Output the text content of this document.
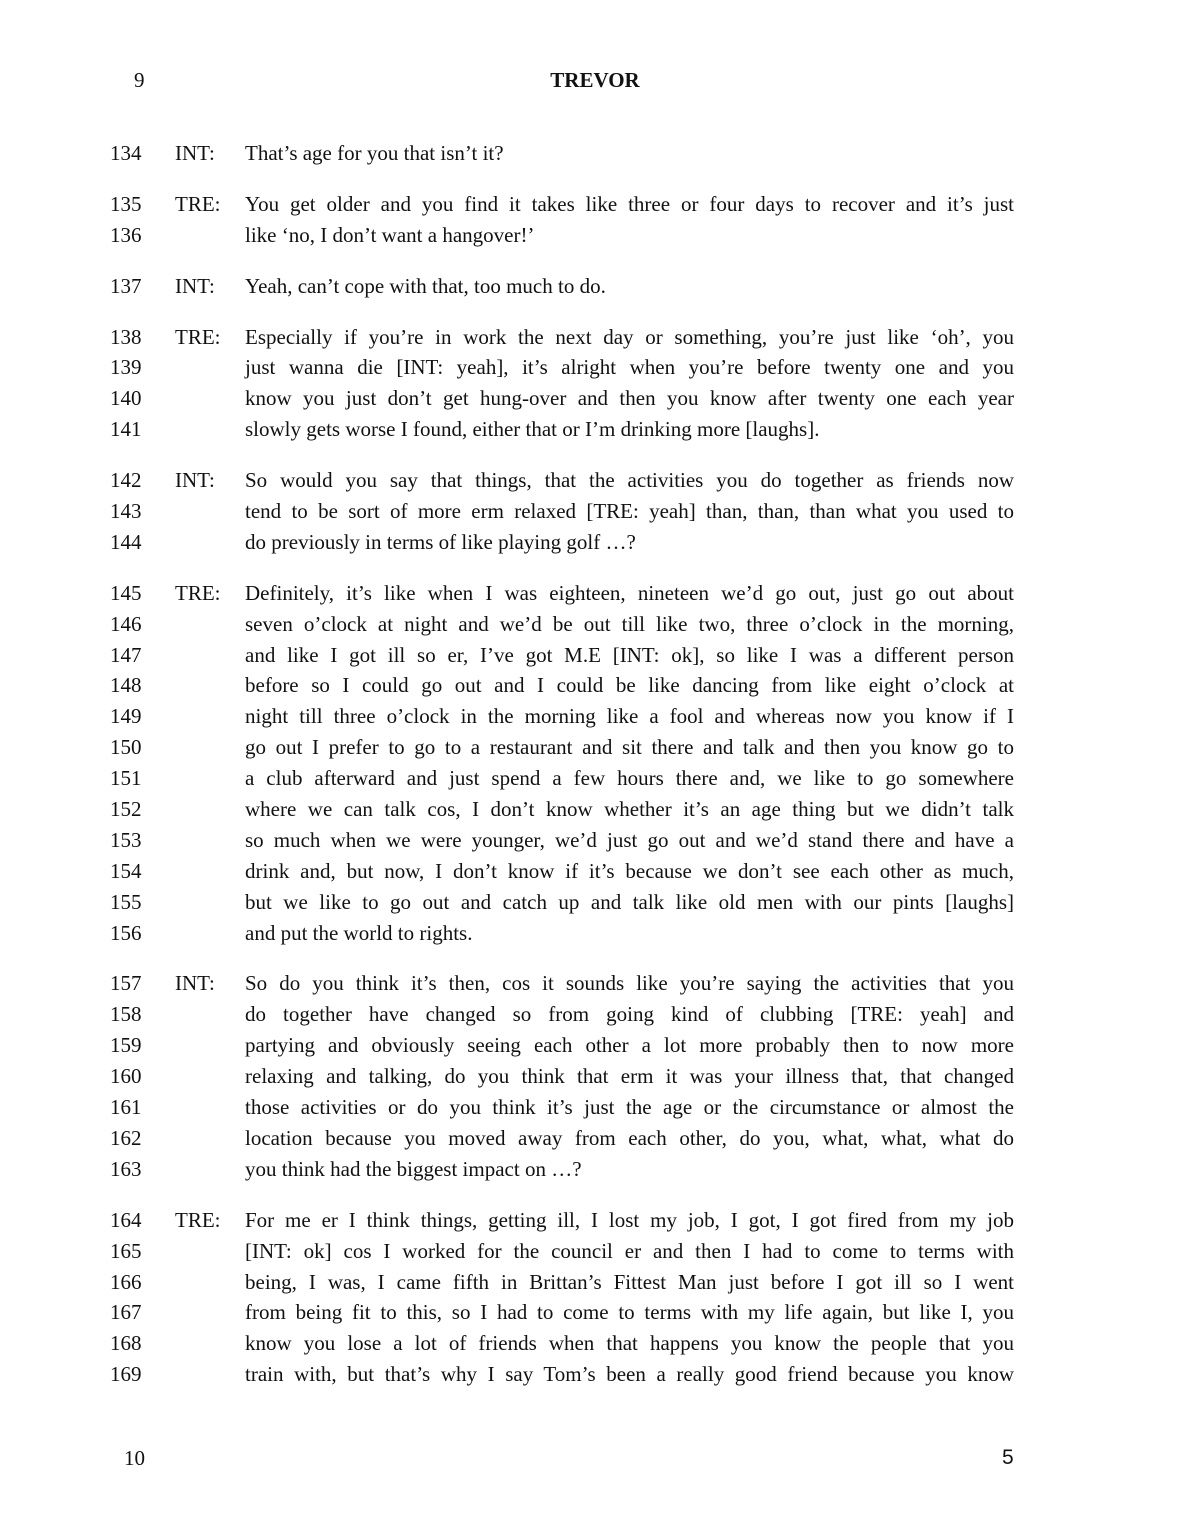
9	TREVOR
134	INT:	That’s age for you that isn’t it?
135	TRE:	You get older and you find it takes like three or four days to recover and it’s just
136	like ‘no, I don’t want a hangover!’
137	INT:	Yeah, can’t cope with that, too much to do.
138	TRE:	Especially if you’re in work the next day or something, you’re just like ‘oh’, you
139	just wanna die [INT: yeah], it’s alright when you’re before twenty one and you
140	know you just don’t get hung-over and then you know after twenty one each year
141	slowly gets worse I found, either that or I’m drinking more [laughs].
142	INT:	So would you say that things, that the activities you do together as friends now
143	tend to be sort of more erm relaxed [TRE: yeah] than, than, than what you used to
144	do previously in terms of like playing golf …?
145	TRE:	Definitely, it’s like when I was eighteen, nineteen we’d go out, just go out about
146	seven o’clock at night and we’d be out till like two, three o’clock in the morning,
147	and like I got ill so er, I’ve got M.E [INT: ok], so like I was a different person
148	before so I could go out and I could be like dancing from like eight o’clock at
149	night till three o’clock in the morning like a fool and whereas now you know if I
150	go out I prefer to go to a restaurant and sit there and talk and then you know go to
151	a club afterward and just spend a few hours there and, we like to go somewhere
152	where we can talk cos, I don’t know whether it’s an age thing but we didn’t talk
153	so much when we were younger, we’d just go out and we’d stand there and have a
154	drink and, but now, I don’t know if it’s because we don’t see each other as much,
155	but we like to go out and catch up and talk like old men with our pints [laughs]
156	and put the world to rights.
157	INT:	So do you think it’s then, cos it sounds like you’re saying the activities that you
158	do together have changed so from going kind of clubbing [TRE: yeah] and
159	partying and obviously seeing each other a lot more probably then to now more
160	relaxing and talking, do you think that erm it was your illness that, that changed
161	those activities or do you think it’s just the age or the circumstance or almost the
162	location because you moved away from each other, do you, what, what, what do
163	you think had the biggest impact on …?
164	TRE:	For me er I think things, getting ill, I lost my job, I got, I got fired from my job
165	[INT: ok] cos I worked for the council er and then I had to come to terms with
166	being, I was, I came fifth in Brittan’s Fittest Man just before I got ill so I went
167	from being fit to this, so I had to come to terms with my life again, but like I, you
168	know you lose a lot of friends when that happens you know the people that you
169	train with, but that’s why I say Tom’s been a really good friend because you know
10	5
